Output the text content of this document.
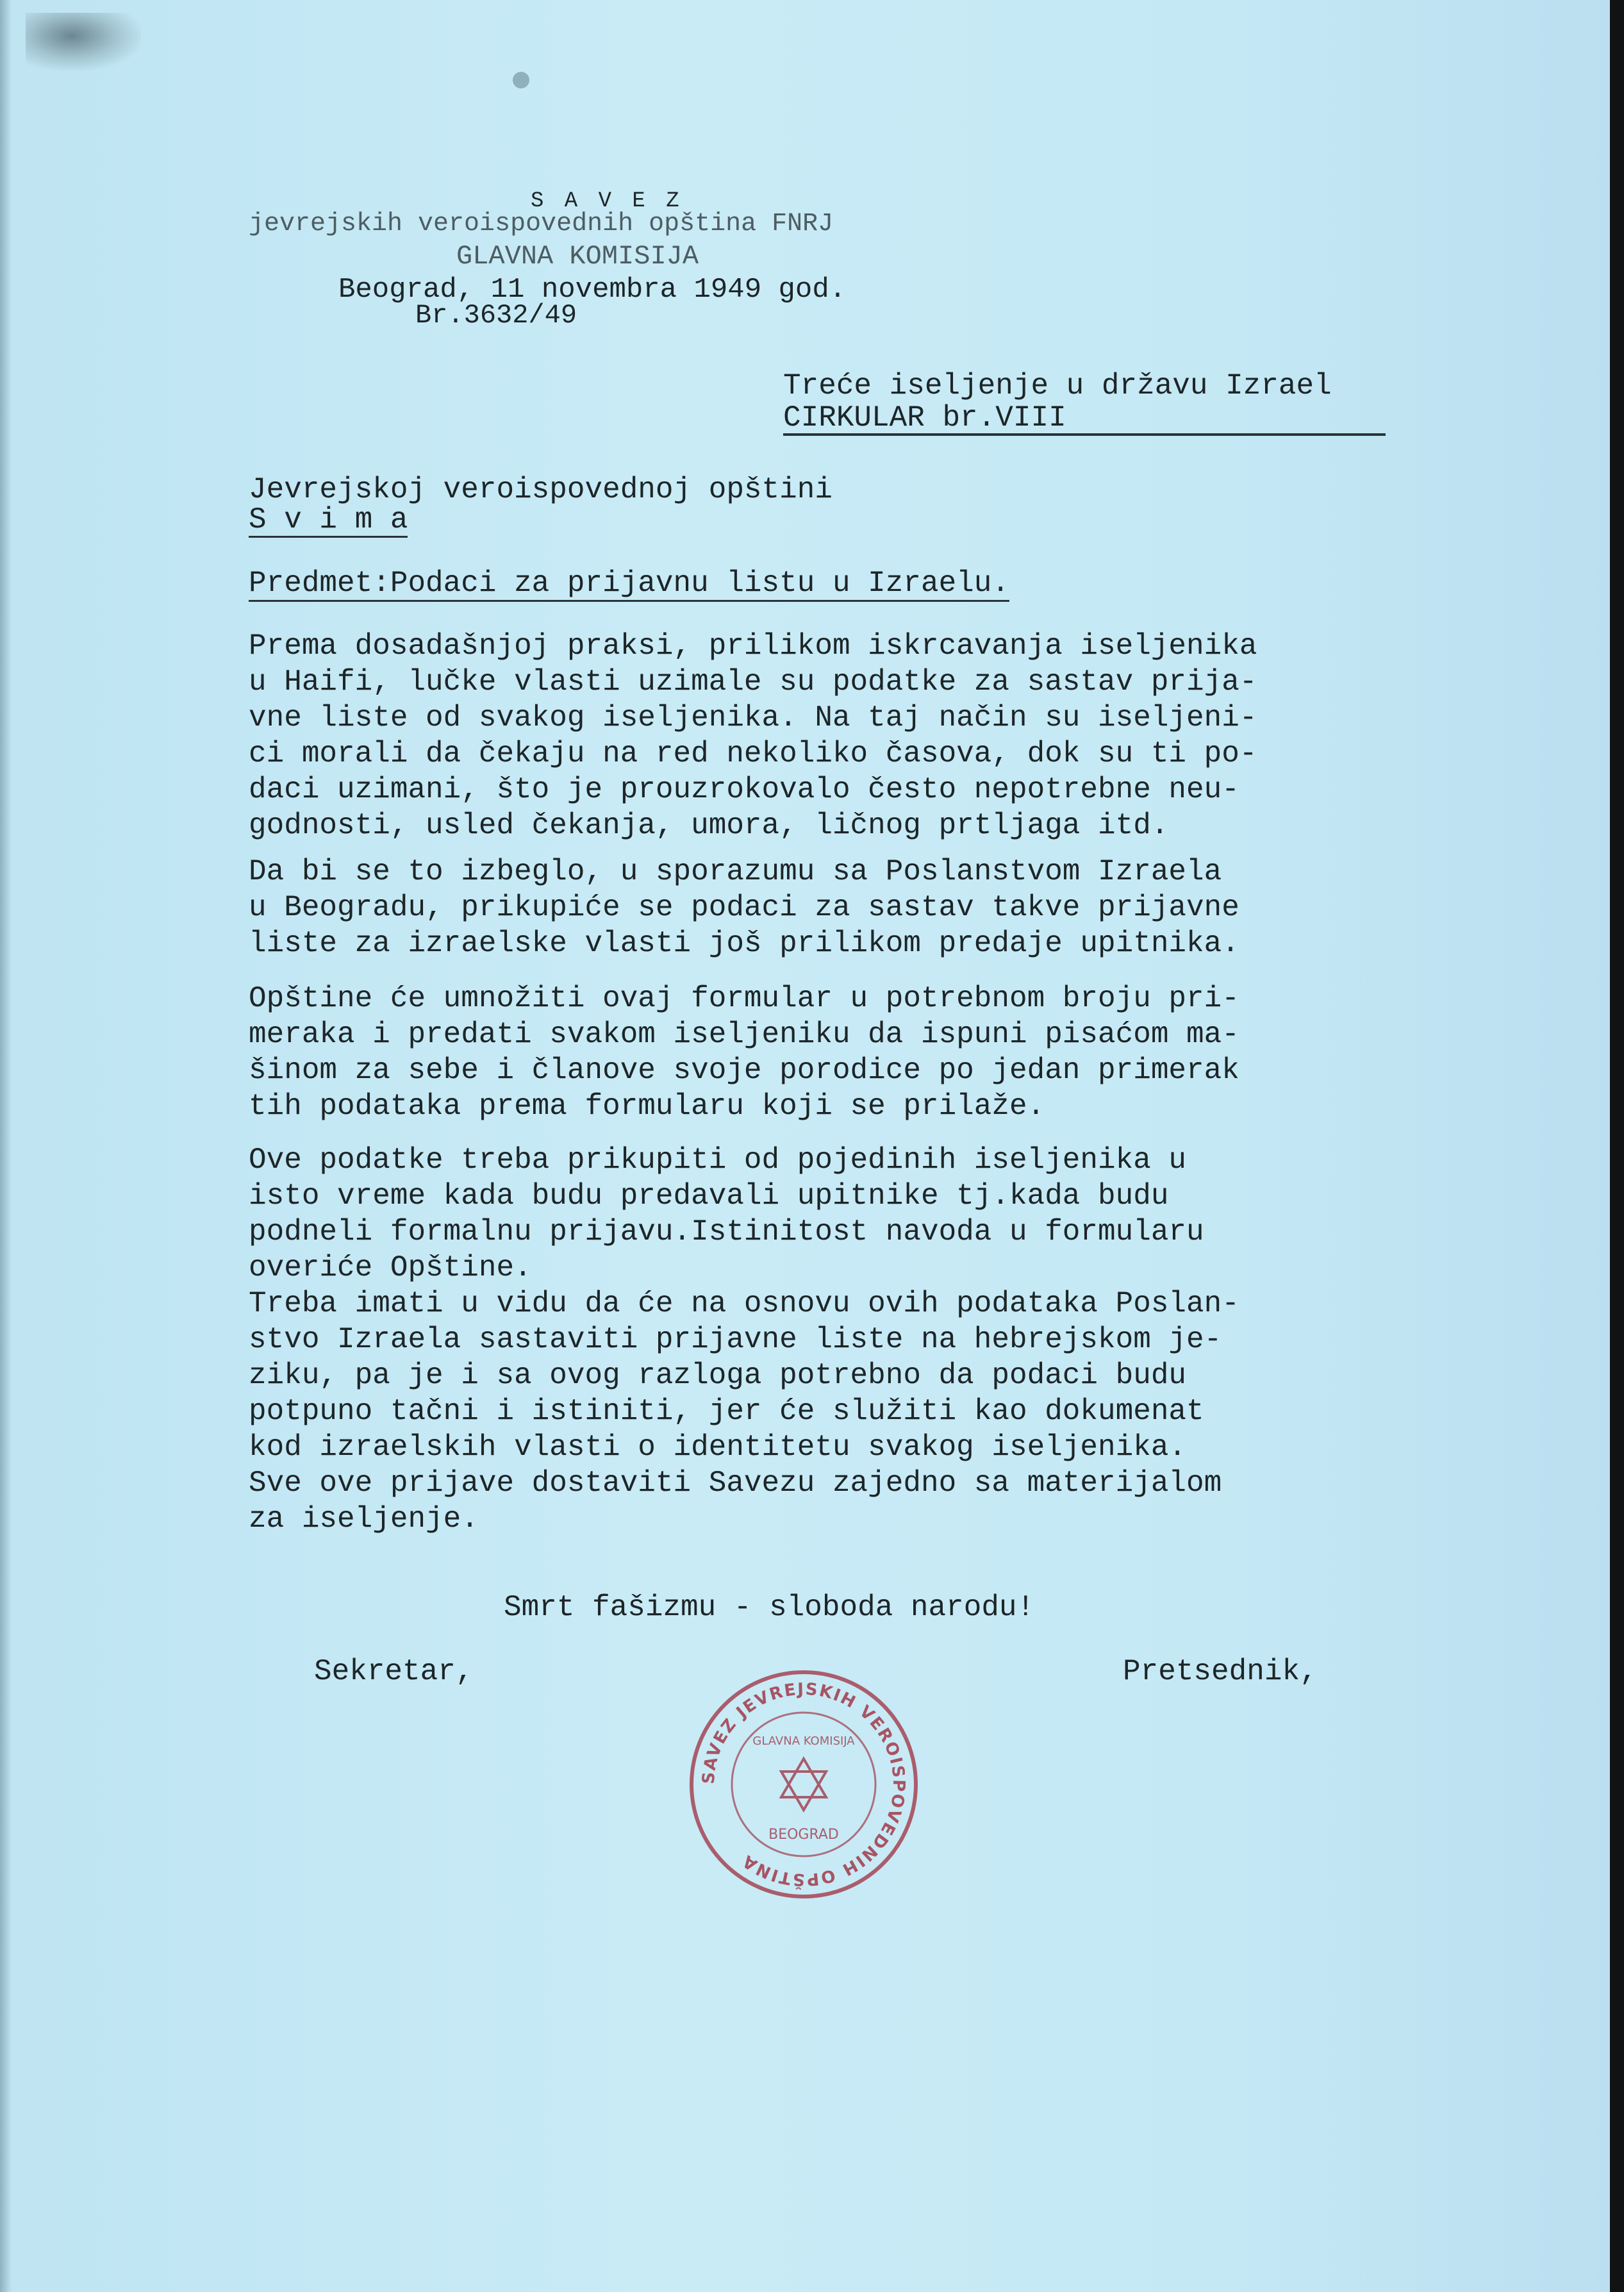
S A V E Z

jevrejskih veroispovednih opština FNRJ

GLAVNA KOMISIJA

Beograd, 11 novembra 1949 god.

Br.3632/49

Treće iseljenje u državu Izrael

CIRKULAR br.VIII

Jevrejskoj veroispovednoj opštini

S v i m a

Predmet:Podaci za prijavnu listu u Izraelu.

Prema dosadašnjoj praksi, prilikom iskrcavanja iseljenika
u Haifi, lučke vlasti uzimale su podatke za sastav prija-
vne liste od svakog iseljenika. Na taj način su iseljeni-
ci morali da čekaju na red nekoliko časova, dok su ti po-
daci uzimani, što je prouzrokovalo često nepotrebne neu-
godnosti, usled čekanja, umora, ličnog prtljaga itd.
Da bi se to izbeglo, u sporazumu sa Poslanstvom Izraela
u Beogradu, prikupiće se podaci za sastav takve prijavne
liste za izraelske vlasti još prilikom predaje upitnika.
Opštine će umnožiti ovaj formular u potrebnom broju pri-
meraka i predati svakom iseljeniku da ispuni pisaćom ma-
šinom za sebe i članove svoje porodice po jedan primerak
tih podataka prema formularu koji se prilaže.
Ove podatke treba prikupiti od pojedinih iseljenika u
isto vreme kada budu predavali upitnike tj.kada budu
podneli formalnu prijavu.Istinitost navoda u formularu
overiće Opštine.
Treba imati u vidu da će na osnovu ovih podataka Poslan-
stvo Izraela sastaviti prijavne liste na hebrejskom je-
ziku, pa je i sa ovog razloga potrebno da podaci budu
potpuno tačni i istiniti, jer će služiti kao dokumenat
kod izraelskih vlasti o identitetu svakog iseljenika.
Sve ove prijave dostaviti Savezu zajedno sa materijalom
za iseljenje.

Smrt fašizmu - sloboda narodu!

Sekretar,	Pretsednik,

SAVEZ JEVREJSKIH VEROISPOVEDNIH OPŠTINA
GLAVNA KOMISIJA
BEOGRAD
